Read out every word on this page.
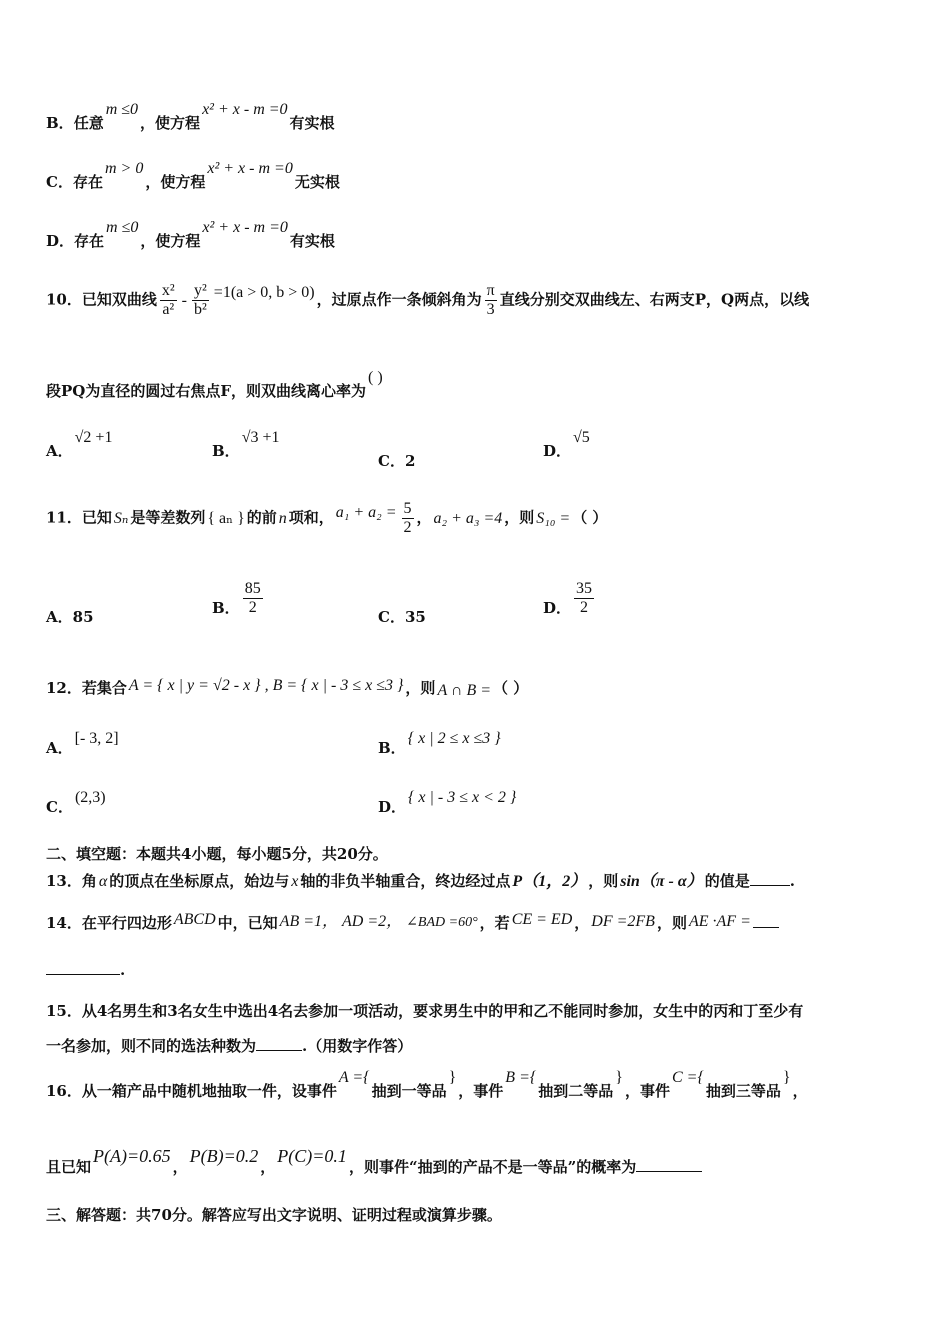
B．任意m ≤0，使方程x² + x - m =0有实根
C．存在m > 0，使方程x² + x - m =0无实根
D．存在m ≤0，使方程x² + x - m =0有实根
10．已知双曲线 $\frac{\text{x²}}{\text{a²}} - \frac{\text{y²}}{\text{b²}} =1(a > 0$, b > 0) ，过原点作一条倾斜角为 $\frac{\pi}{3}$ 直线分别交双曲线左、右两支P，Q两点，以线
段PQ为直径的圆过右焦点F，则双曲线离心率为( )
A．√2 +1
B．√3 +1
C．2
D．√5
11．已知 Sₙ 是等差数列 { aₙ } 的前 n 项和， $a_1 + a_2 = \frac{5}{2}$ ， a₂ + a₃ =4 ，则 S₁₀ = （ ）
A．85
B． $\frac{85}{2}$	C．35
D． $\frac{35}{2}$
12．若集合 A = { x | y = √2 - x } , B = { x | - 3 ≤ x ≤3 } ，则 A ∩ B = （ ）
A．[- 3, 2]
B．{ x | 2 ≤ x ≤3 }
C．(2,3)
D．{ x | - 3 ≤ x < 2 }
二、填空题：本题共4小题，每小题5分，共20分。
13．角 α 的顶点在坐标原点，始边与 x 轴的非负半轴重合，终边经过点 P（1，2） ，则 sin（π - α） 的值是	.
14．在平行四边形 ABCD 中，已知 AB =1， AD =2， ∠BAD =60° ，若 CE = ED ， DF =2FB ，则 AE ·AF =
.
15．从4名男生和3名女生中选出4名去参加一项活动，要求男生中的甲和乙不能同时参加，女生中的丙和丁至少有
一名参加，则不同的选法种数为	.（用数字作答）
16．从一箱产品中随机地抽取一件，设事件A ={抽到一等品}，事件B ={抽到二等品}，事件C ={抽到三等品}，
且已知P(A)=0.65，P(B)=0.2，P(C)=0.1，则事件“抽到的产品不是一等品”的概率为
三、解答题：共70分。解答应写出文字说明、证明过程或演算步骤。
